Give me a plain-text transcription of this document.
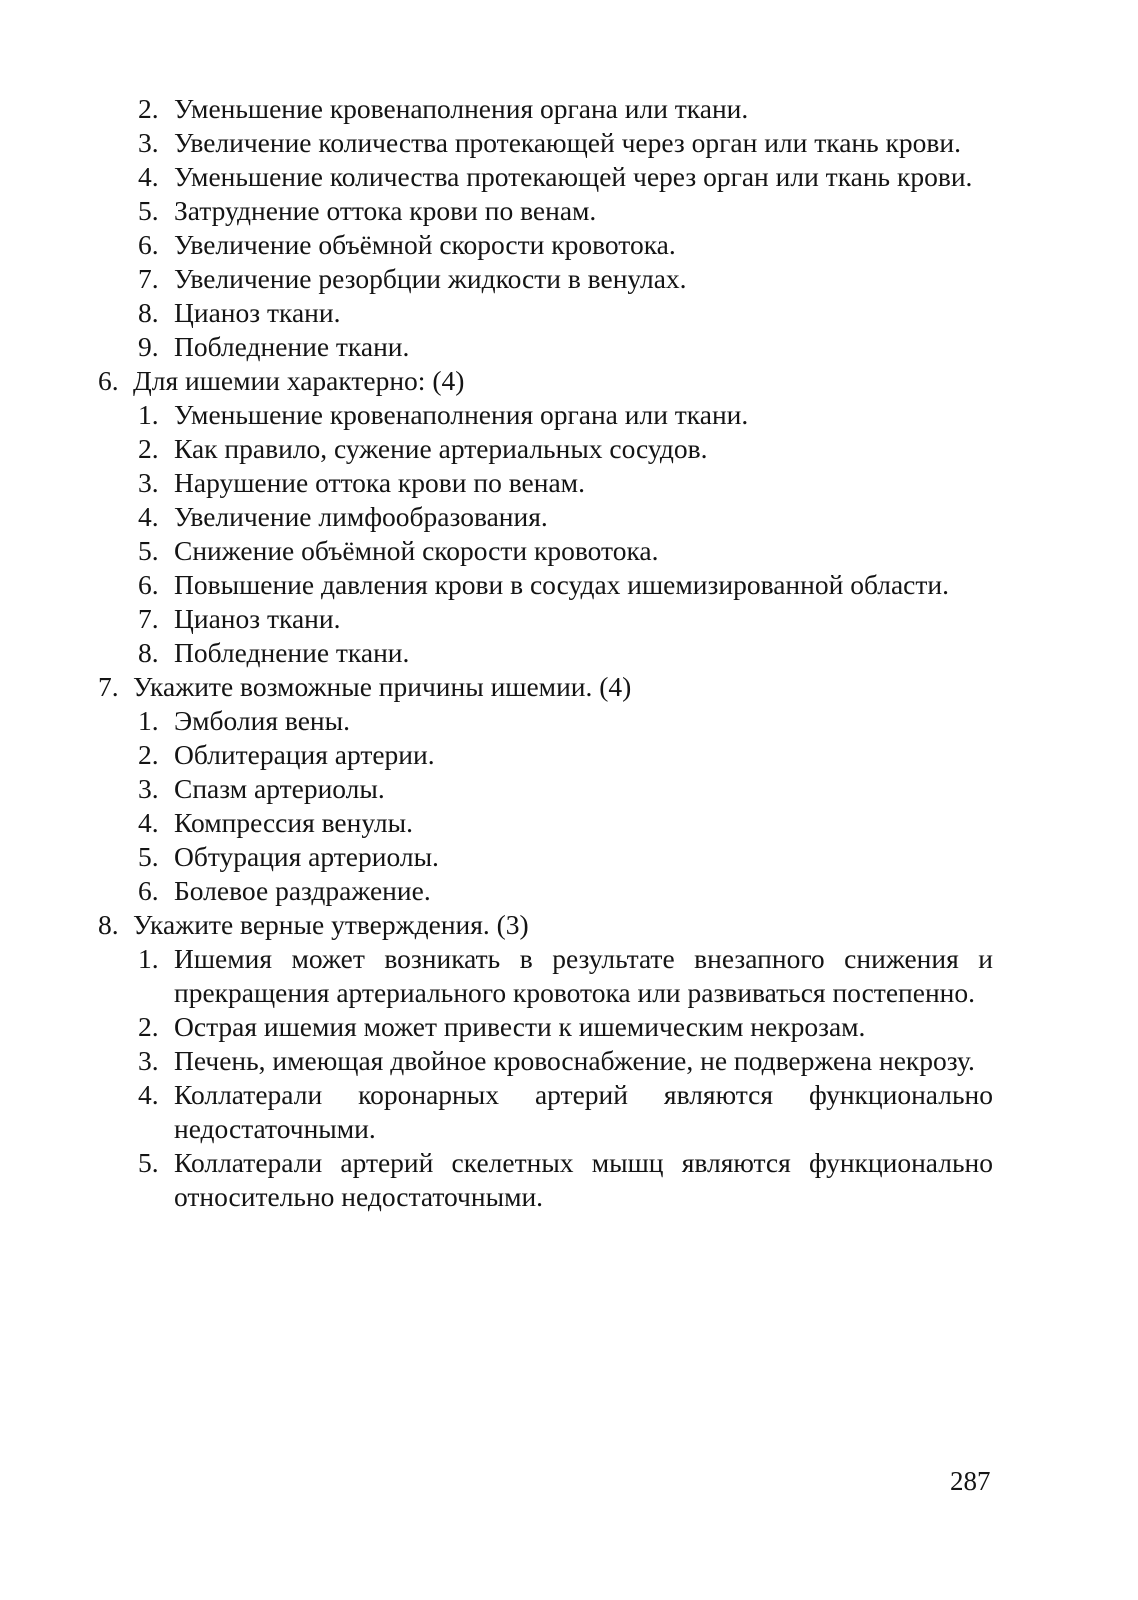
2. Уменьшение кровенаполнения органа или ткани.
3. Увеличение количества протекающей через орган или ткань крови.
4. Уменьшение количества протекающей через орган или ткань крови.
5. Затруднение оттока крови по венам.
6. Увеличение объёмной скорости кровотока.
7. Увеличение резорбции жидкости в венулах.
8. Цианоз ткани.
9. Побледнение ткани.

6. Для ишемии характерно: (4)

1. Уменьшение кровенаполнения органа или ткани.
2. Как правило, сужение артериальных сосудов.
3. Нарушение оттока крови по венам.
4. Увеличение лимфообразования.
5. Снижение объёмной скорости кровотока.
6. Повышение давления крови в сосудах ишемизированной области.
7. Цианоз ткани.
8. Побледнение ткани.

7. Укажите возможные причины ишемии. (4)

1. Эмболия вены.
2. Облитерация артерии.
3. Спазм артериолы.
4. Компрессия венулы.
5. Обтурация артериолы.
6. Болевое раздражение.

8. Укажите верные утверждения. (3)

1. Ишемия может возникать в результате внезапного снижения и прекращения артериального кровотока или развиваться постепенно.
2. Острая ишемия может привести к ишемическим некрозам.
3. Печень, имеющая двойное кровоснабжение, не подвержена некрозу.
4. Коллатерали коронарных артерий являются функционально недостаточными.
5. Коллатерали артерий скелетных мышц являются функционально относительно недостаточными.
287
